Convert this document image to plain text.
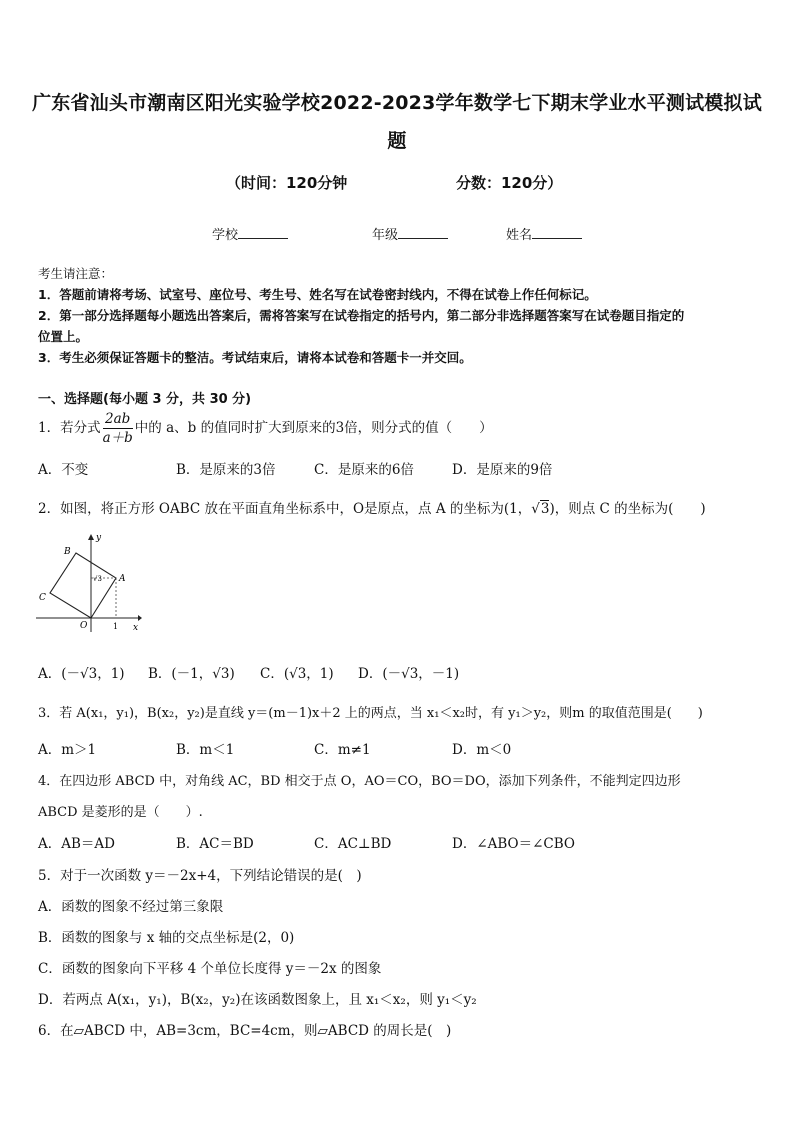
广东省汕头市潮南区阳光实验学校2022-2023学年数学七下期末学业水平测试模拟试
题
（时间：120分钟	分数：120分）
学校	年级	姓名
考生请注意：
1．答题前请将考场、试室号、座位号、考生号、姓名写在试卷密封线内，不得在试卷上作任何标记。
2．第一部分选择题每小题选出答案后，需将答案写在试卷指定的括号内，第二部分非选择题答案写在试卷题目指定的
位置上。
3．考生必须保证答题卡的整洁。考试结束后，请将本试卷和答题卡一并交回。
一、选择题(每小题 3 分，共 30 分)
1．若分式 $\frac{2ab}{a+b}$ 中的 a、b 的值同时扩大到原来的3倍，则分式的值（　　）
A．不变	B．是原来的3倍	C．是原来的6倍	D．是原来的9倍
2．如图，将正方形 OABC 放在平面直角坐标系中，O是原点，点 A 的坐标为(1，√3)，则点 C 的坐标为(　　)
B
A
C
O
y
x
1
√3
A．(－√3，1) B．(－1，√3) C．(√3，1) D．(－√3，－1)
3．若 A(x₁，y₁)，B(x₂，y₂)是直线 y＝(m－1)x＋2 上的两点，当 x₁＜x₂时，有 y₁＞y₂，则m 的取值范围是(　　)
A．m＞1	B．m＜1	C．m≠1	D．m＜0
4．在四边形 ABCD 中，对角线 AC，BD 相交于点 O，AO＝CO，BO＝DO，添加下列条件，不能判定四边形
ABCD 是菱形的是（　　）.
A．AB＝AD	B．AC＝BD	C．AC⊥BD	D．∠ABO＝∠CBO
5．对于一次函数 y＝－2x+4，下列结论错误的是(　)
A．函数的图象不经过第三象限
B．函数的图象与 x 轴的交点坐标是(2，0)
C．函数的图象向下平移 4 个单位长度得 y＝－2x 的图象
D．若两点 A(x₁，y₁)，B(x₂，y₂)在该函数图象上，且 x₁＜x₂，则 y₁＜y₂
6．在▱ABCD 中，AB=3cm，BC=4cm，则▱ABCD 的周长是(　)
